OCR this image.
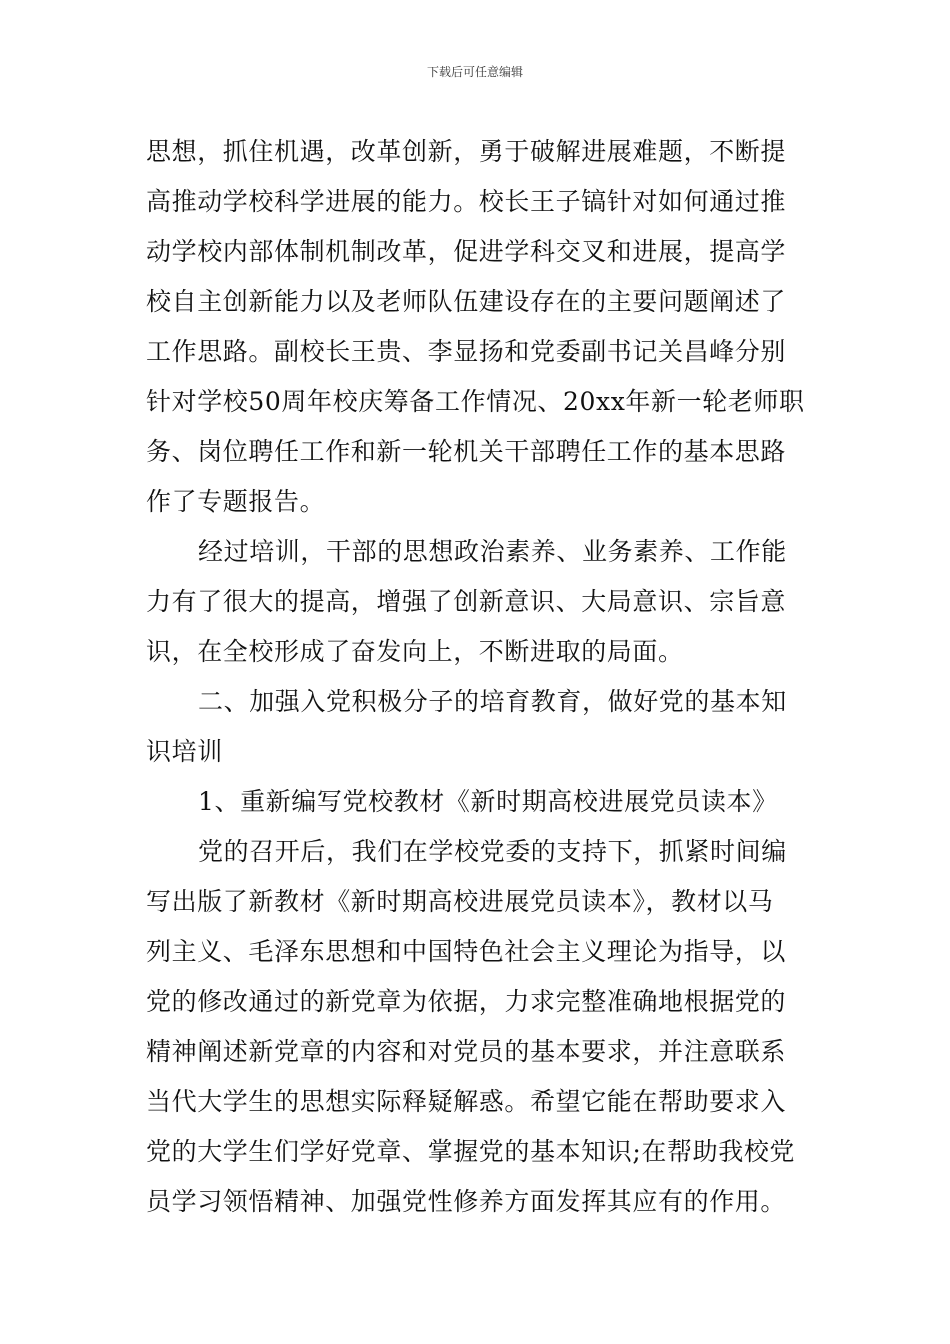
下载后可任意编辑
思想，抓住机遇，改革创新，勇于破解进展难题，不断提
高推动学校科学进展的能力。校长王子镐针对如何通过推
动学校内部体制机制改革，促进学科交叉和进展，提高学
校自主创新能力以及老师队伍建设存在的主要问题阐述了
工作思路。副校长王贵、李显扬和党委副书记关昌峰分别
针对学校50周年校庆筹备工作情况、20xx年新一轮老师职
务、岗位聘任工作和新一轮机关干部聘任工作的基本思路
作了专题报告。
经过培训，干部的思想政治素养、业务素养、工作能
力有了很大的提高，增强了创新意识、大局意识、宗旨意
识，在全校形成了奋发向上，不断进取的局面。
二、加强入党积极分子的培育教育，做好党的基本知
识培训
1、重新编写党校教材《新时期高校进展党员读本》
党的召开后，我们在学校党委的支持下，抓紧时间编
写出版了新教材《新时期高校进展党员读本》，教材以马
列主义、毛泽东思想和中国特色社会主义理论为指导，以
党的修改通过的新党章为依据，力求完整准确地根据党的
精神阐述新党章的内容和对党员的基本要求，并注意联系
当代大学生的思想实际释疑解惑。希望它能在帮助要求入
党的大学生们学好党章、掌握党的基本知识;在帮助我校党
员学习领悟精神、加强党性修养方面发挥其应有的作用。
